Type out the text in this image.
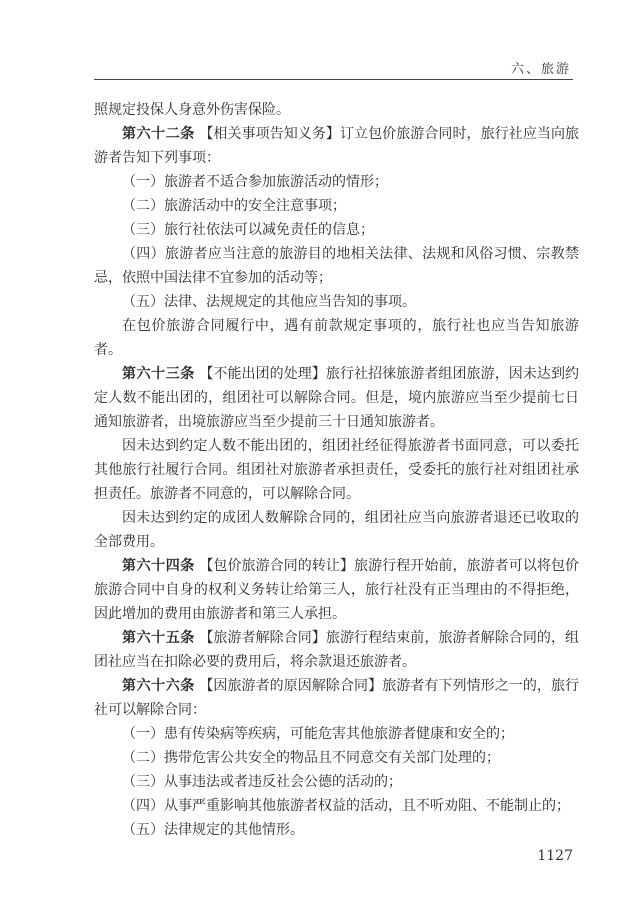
六、旅游

照规定投保人身意外伤害保险。

第六十二条 【相关事项告知义务】订立包价旅游合同时，旅行社应当向旅游者告知下列事项：

（一）旅游者不适合参加旅游活动的情形；

（二）旅游活动中的安全注意事项；

（三）旅行社依法可以减免责任的信息；

（四）旅游者应当注意的旅游目的地相关法律、法规和风俗习惯、宗教禁忌，依照中国法律不宜参加的活动等；

（五）法律、法规规定的其他应当告知的事项。

在包价旅游合同履行中，遇有前款规定事项的，旅行社也应当告知旅游者。

第六十三条 【不能出团的处理】旅行社招徕旅游者组团旅游，因未达到约定人数不能出团的，组团社可以解除合同。但是，境内旅游应当至少提前七日通知旅游者，出境旅游应当至少提前三十日通知旅游者。

因未达到约定人数不能出团的，组团社经征得旅游者书面同意，可以委托其他旅行社履行合同。组团社对旅游者承担责任，受委托的旅行社对组团社承担责任。旅游者不同意的，可以解除合同。

因未达到约定的成团人数解除合同的，组团社应当向旅游者退还已收取的全部费用。

第六十四条 【包价旅游合同的转让】旅游行程开始前，旅游者可以将包价旅游合同中自身的权利义务转让给第三人，旅行社没有正当理由的不得拒绝，因此增加的费用由旅游者和第三人承担。

第六十五条 【旅游者解除合同】旅游行程结束前，旅游者解除合同的，组团社应当在扣除必要的费用后，将余款退还旅游者。

第六十六条 【因旅游者的原因解除合同】旅游者有下列情形之一的，旅行社可以解除合同：

（一）患有传染病等疾病，可能危害其他旅游者健康和安全的；

（二）携带危害公共安全的物品且不同意交有关部门处理的；

（三）从事违法或者违反社会公德的活动的；

（四）从事严重影响其他旅游者权益的活动，且不听劝阻、不能制止的；

（五）法律规定的其他情形。

1127
